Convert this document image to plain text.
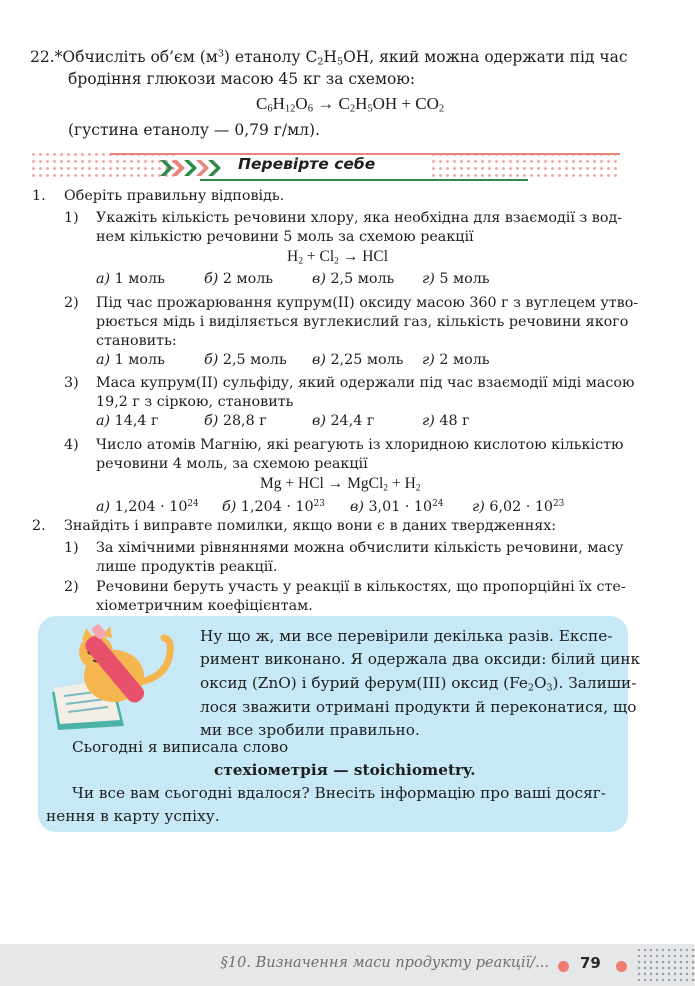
22.*Обчисліть об’єм $(м^3)$ етанолу $C_2H_5OH$, який можна одержати під час
бродіння глюкози масою 45 кг за схемою:
$C_6H_{12}O_6 \to C_2H_5OH + CO_2$
(густина етанолу — 0,79 г/мл).
Перевірте себе
1. Оберіть правильну відповідь.
1) Укажіть кількість речовини хлору, яка необхідна для взаємодії з вод-
нем кількістю речовини 5 моль за схемою реакції
$H_2 + Cl_2$ → HCl
а) 1 моль	б) 2 моль	в) 2,5 моль г) 5 моль
2) Під час прожарювання купрум(ІІ) оксиду масою 360 г з вуглецем утво-
рюється мідь і виділяється вуглекислий газ, кількість речовини якого
становить:
а) 1 моль	б) 2,5 моль в) 2,25 моль г) 2 моль
3) Маса купрум(ІІ) сульфіду, який одержали під час взаємодії міді масою
19,2 г з сіркою, становить
а) 14,4 г	б) 28,8 г	в) 24,4 г	г) 48 г
4) Число атомів Магнію, які реагують із хлоридною кислотою кількістю
речовини 4 моль, за схемою реакції
Mg + HCl → MgCl$_2$ + $H_2$
а) $1,204 \cdot 10^{24}$ б) $1,204 \cdot 10^{23}$ в) $3,01 \cdot 10^{24}$ г) $6,02 \cdot 10^{23}$
2. Знайдіть і виправте помилки, якщо вони є в даних твердженнях:
1) За хімічними рівняннями можна обчислити кількість речовини, масу
лише продуктів реакції.
2) Речовини беруть участь у реакції в кількостях, що пропорційні їх сте-
хіометричним коефіцієнтам.
Ну що ж, ми все перевірили декілька разів. Експе-
римент виконано. Я одержала два оксиди: білий цинк
оксид (ZnO) і бурий ферум(ІІІ) оксид $(Fe_2O_3)$. Залиши-
лося зважити отримані продукти й переконатися, що
ми все зробили правильно.
Сьогодні я виписала слово
стехіометрія — stoichiometry.
Чи все вам сьогодні вдалося? Внесіть інформацію про ваші досяг-
нення в карту успіху.
§10. Визначення маси продукту реакції/... 79
